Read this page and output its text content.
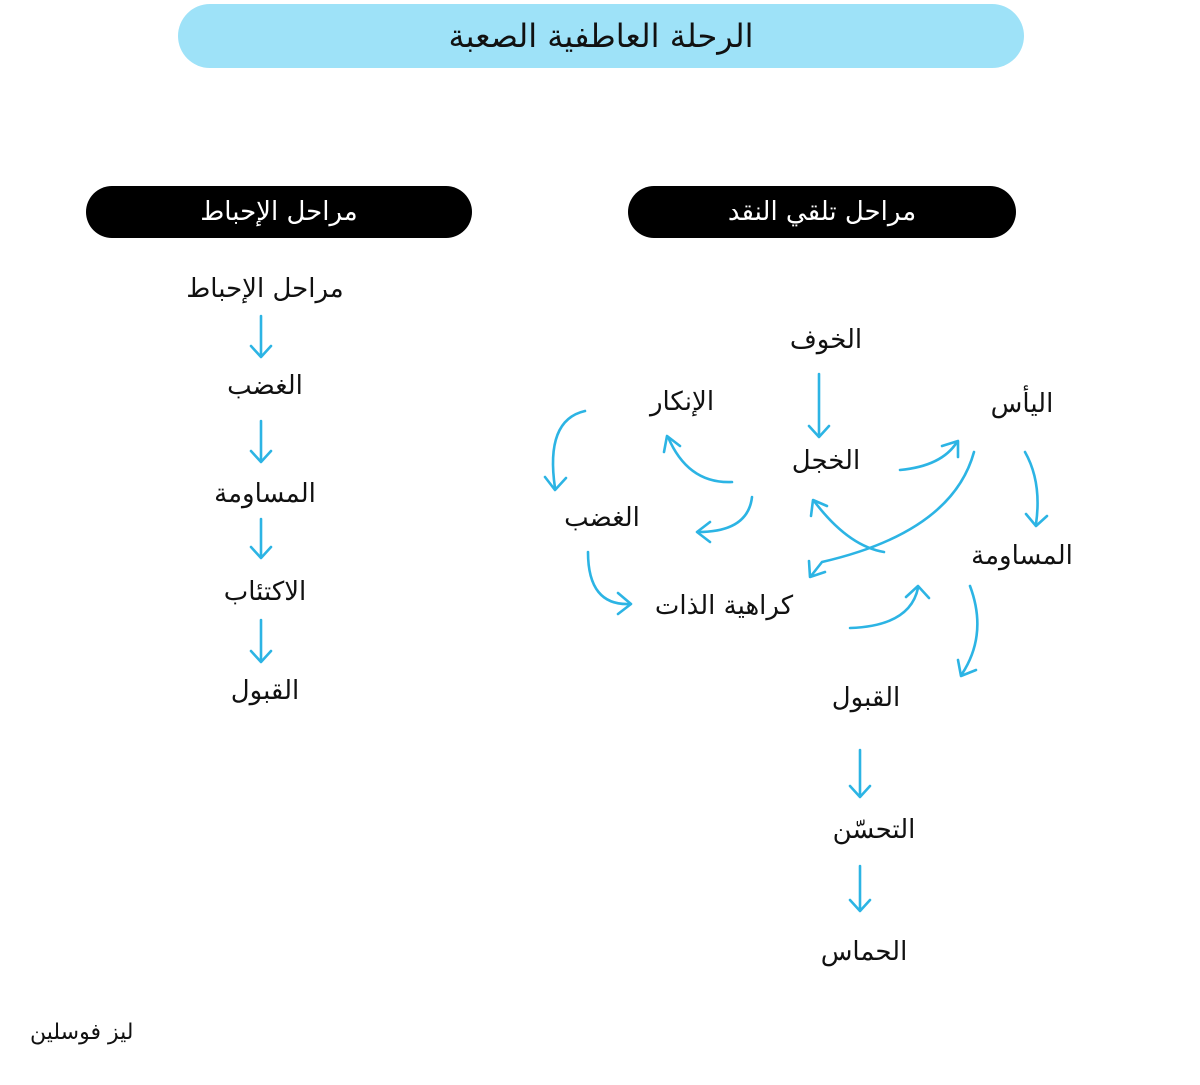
الرحلة العاطفية الصعبة
مراحل الإحباط	مراحل تلقي النقد
مراحل الإحباط
الغضب
المساومة
الاكتئاب
القبول
الخوف
الإنكار	اليأس
الخجل
الغضب
المساومة
كراهية الذات
القبول
التحسّن
الحماس
ليز فوسلين
